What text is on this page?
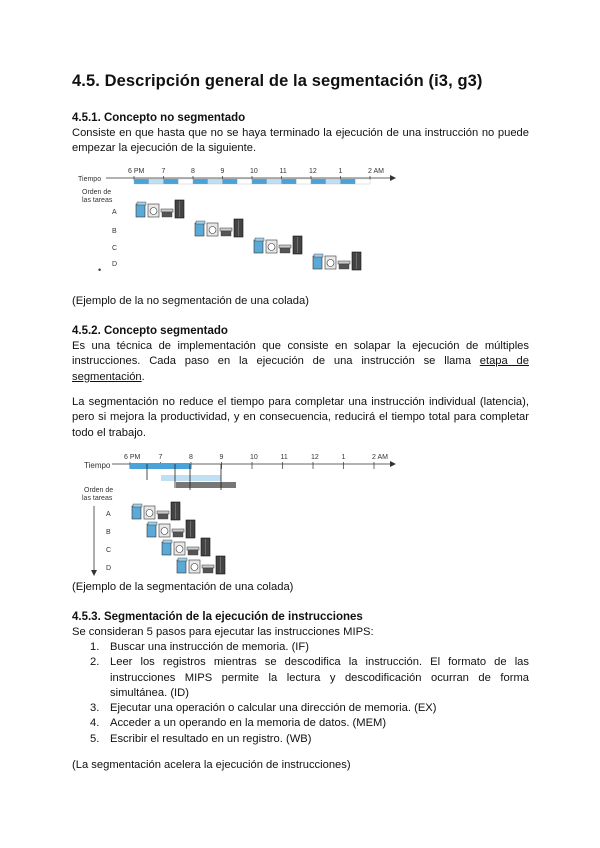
4.5. Descripción general de la segmentación (i3, g3)
4.5.1. Concepto no segmentado

Consiste en que hasta que no se haya terminado la ejecución de una instrucción no puede empezar la ejecución de la siguiente.

Tiempo
6 PM 7	8	9	10	11	12	1	2 AM
Orden de
las tareas
A
B
C
D
•
(Ejemplo de la no segmentación de una colada)
4.5.2. Concepto segmentado

Es una técnica de implementación que consiste en solapar la ejecución de múltiples instrucciones. Cada paso en la ejecución de una instrucción se llama etapa de segmentación.

La segmentación no reduce el tiempo para completar una instrucción individual (latencia), pero si mejora la productividad, y en consecuencia, reducirá el tiempo total para completar todo el trabajo.

Tiempo
6 PM	7	8	9	10	11	12	1	2 AM
Orden de
las tareas
A
B
C
D
(Ejemplo de la segmentación de una colada)
4.5.3. Segmentación de la ejecución de instrucciones

Se consideran 5 pasos para ejecutar las instrucciones MIPS:

1. Buscar una instrucción de memoria. (IF)
2. Leer los registros mientras se descodifica la instrucción. El formato de las instrucciones MIPS permite la lectura y descodificación ocurran de forma simultánea. (ID)
3. Ejecutar una operación o calcular una dirección de memoria. (EX)
4. Acceder a un operando en la memoria de datos. (MEM)
5. Escribir el resultado en un registro. (WB)
(La segmentación acelera la ejecución de instrucciones)
